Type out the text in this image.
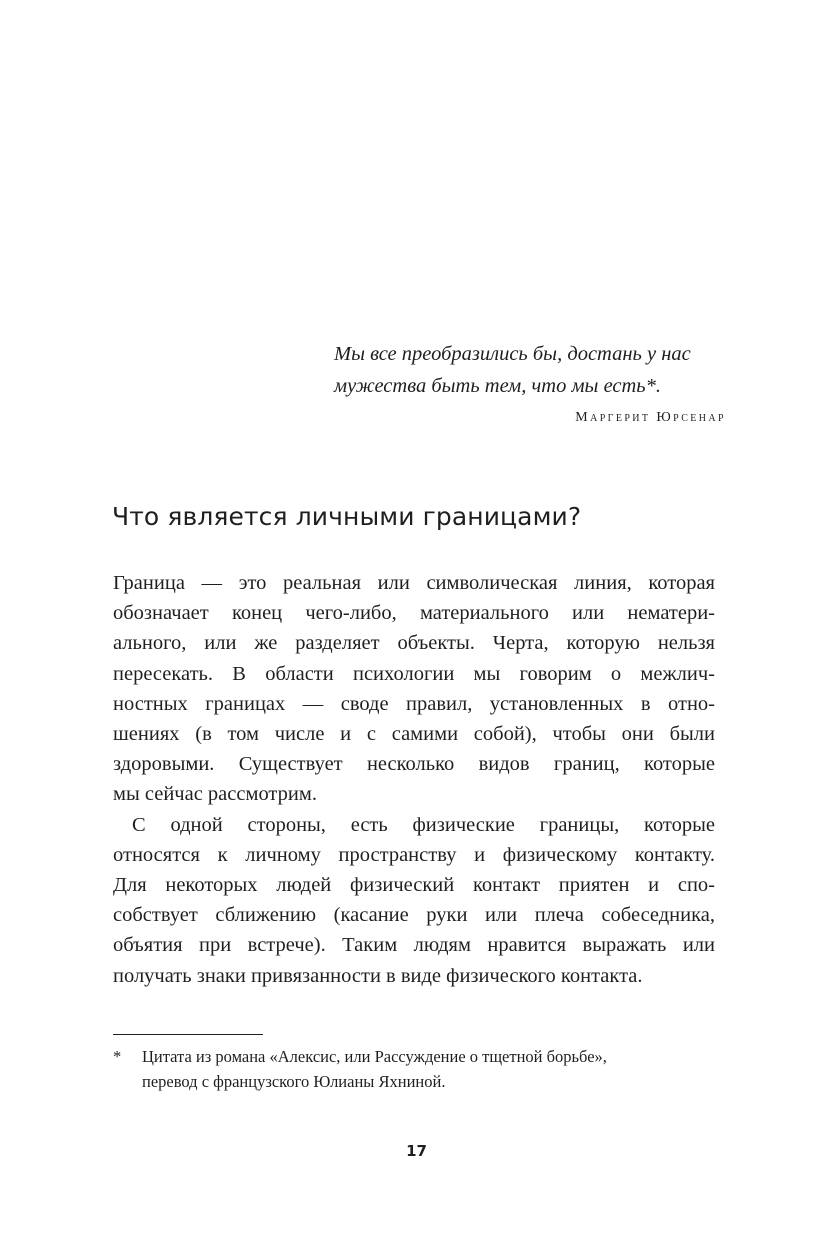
Мы все преобразились бы, достань у нас
мужества быть тем, что мы есть*.
Маргерит Юрсенар
Что является личными границами?

Граница — это реальная или символическая линия, которая

обозначает конец чего-либо, материального или нематери-

ального, или же разделяет объекты. Черта, которую нельзя

пересекать. В области психологии мы говорим о межлич-

ностных границах — своде правил, установленных в отно-

шениях (в том числе и с самими собой), чтобы они были

здоровыми. Существует несколько видов границ, которые

мы сейчас рассмотрим.

С одной стороны, есть физические границы, которые

относятся к личному пространству и физическому контакту.

Для некоторых людей физический контакт приятен и спо-

собствует сближению (касание руки или плеча собеседника,

объятия при встрече). Таким людям нравится выражать или

получать знаки привязанности в виде физического контакта.

* Цитата из романа «Алексис, или Рассуждение о тщетной борьбе»,
перевод с французского Юлианы Яхниной.
17
